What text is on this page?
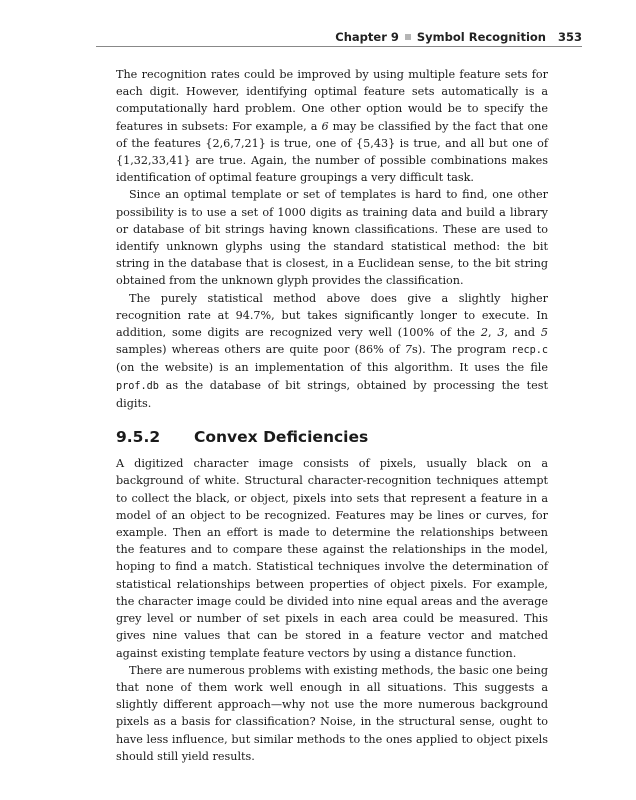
Chapter 9 Symbol Recognition 353

The recognition rates could be improved by using multiple feature sets for each digit. However, identifying optimal feature sets automatically is a computationally hard problem. One other option would be to specify the features in subsets: For example, a 6 may be classified by the fact that one of the features {2,6,7,21} is true, one of {5,43} is true, and all but one of {1,32,33,41} are true. Again, the number of possible combinations makes identification of optimal feature groupings a very difficult task.

Since an optimal template or set of templates is hard to find, one other possibility is to use a set of 1000 digits as training data and build a library or database of bit strings having known classifications. These are used to identify unknown glyphs using the standard statistical method: the bit string in the database that is closest, in a Euclidean sense, to the bit string obtained from the unknown glyph provides the classification.

The purely statistical method above does give a slightly higher recognition rate at 94.7%, but takes significantly longer to execute. In addition, some digits are recognized very well (100% of the 2, 3, and 5 samples) whereas others are quite poor (86% of 7s). The program recp.c (on the website) is an implementation of this algorithm. It uses the file prof.db as the database of bit strings, obtained by processing the test digits.

9.5.2 Convex Deficiencies

A digitized character image consists of pixels, usually black on a background of white. Structural character-recognition techniques attempt to collect the black, or object, pixels into sets that represent a feature in a model of an object to be recognized. Features may be lines or curves, for example. Then an effort is made to determine the relationships between the features and to compare these against the relationships in the model, hoping to find a match. Statistical techniques involve the determination of statistical relationships between properties of object pixels. For example, the character image could be divided into nine equal areas and the average grey level or number of set pixels in each area could be measured. This gives nine values that can be stored in a feature vector and matched against existing template feature vectors by using a distance function.

There are numerous problems with existing methods, the basic one being that none of them work well enough in all situations. This suggests a slightly different approach—why not use the more numerous background pixels as a basis for classification? Noise, in the structural sense, ought to have less influence, but similar methods to the ones applied to object pixels should still yield results.
